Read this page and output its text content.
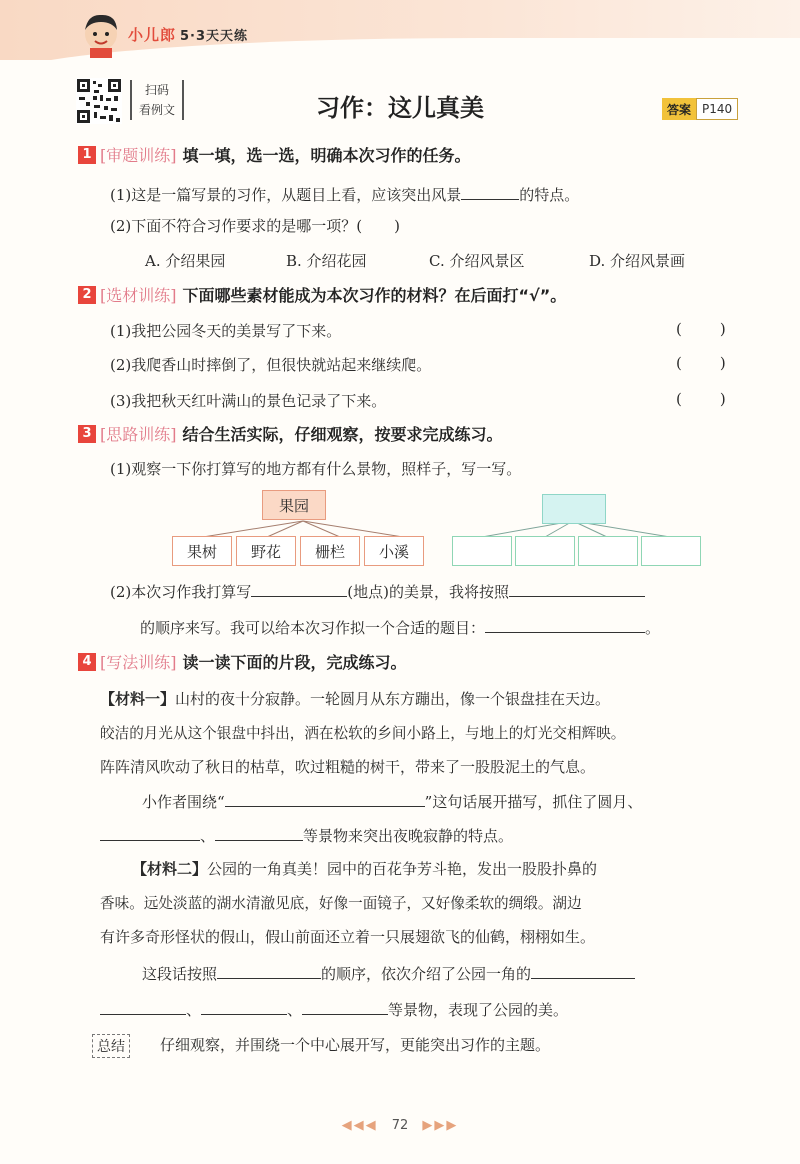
小儿郎 5·3天天练
扫码
看例文	习作：这儿真美	答案 P140
1 [审题训练] 填一填，选一选，明确本次习作的任务。
(1)这是一篇写景的习作，从题目上看，应该突出风景	的特点。
(2)下面不符合习作要求的是哪一项？( )
A. 介绍果园	B. 介绍花园	C. 介绍风景区	D. 介绍风景画
2 [选材训练] 下面哪些素材能成为本次习作的材料？在后面打“√”。
(1)我把公园冬天的美景写了下来。	(	)
(2)我爬香山时摔倒了，但很快就站起来继续爬。	(	)
(3)我把秋天红叶满山的景色记录了下来。	(	)
3 [思路训练] 结合生活实际，仔细观察，按要求完成练习。
(1)观察一下你打算写的地方都有什么景物，照样子，写一写。
果园
果树	野花	栅栏	小溪
(2)本次习作我打算写	(地点)的美景，我将按照
的顺序来写。我可以给本次习作拟一个合适的题目：	。
4 [写法训练] 读一读下面的片段，完成练习。
【材料一】山村的夜十分寂静。一轮圆月从东方蹦出，像一个银盘挂在天边。
皎洁的月光从这个银盘中抖出，洒在松软的乡间小路上，与地上的灯光交相辉映。
阵阵清风吹动了秋日的枯草，吹过粗糙的树干，带来了一股股泥土的气息。
小作者围绕“	”这句话展开描写，抓住了圆月、
、	等景物来突出夜晚寂静的特点。
【材料二】公园的一角真美！园中的百花争芳斗艳，发出一股股扑鼻的
香味。远处淡蓝的湖水清澈见底，好像一面镜子，又好像柔软的绸缎。湖边
有许多奇形怪状的假山，假山前面还立着一只展翅欲飞的仙鹤，栩栩如生。
这段话按照	的顺序，依次介绍了公园一角的
、	、	等景物，表现了公园的美。
总结	仔细观察，并围绕一个中心展开写，更能突出习作的主题。
◀◀◀ 72 ▶▶▶
